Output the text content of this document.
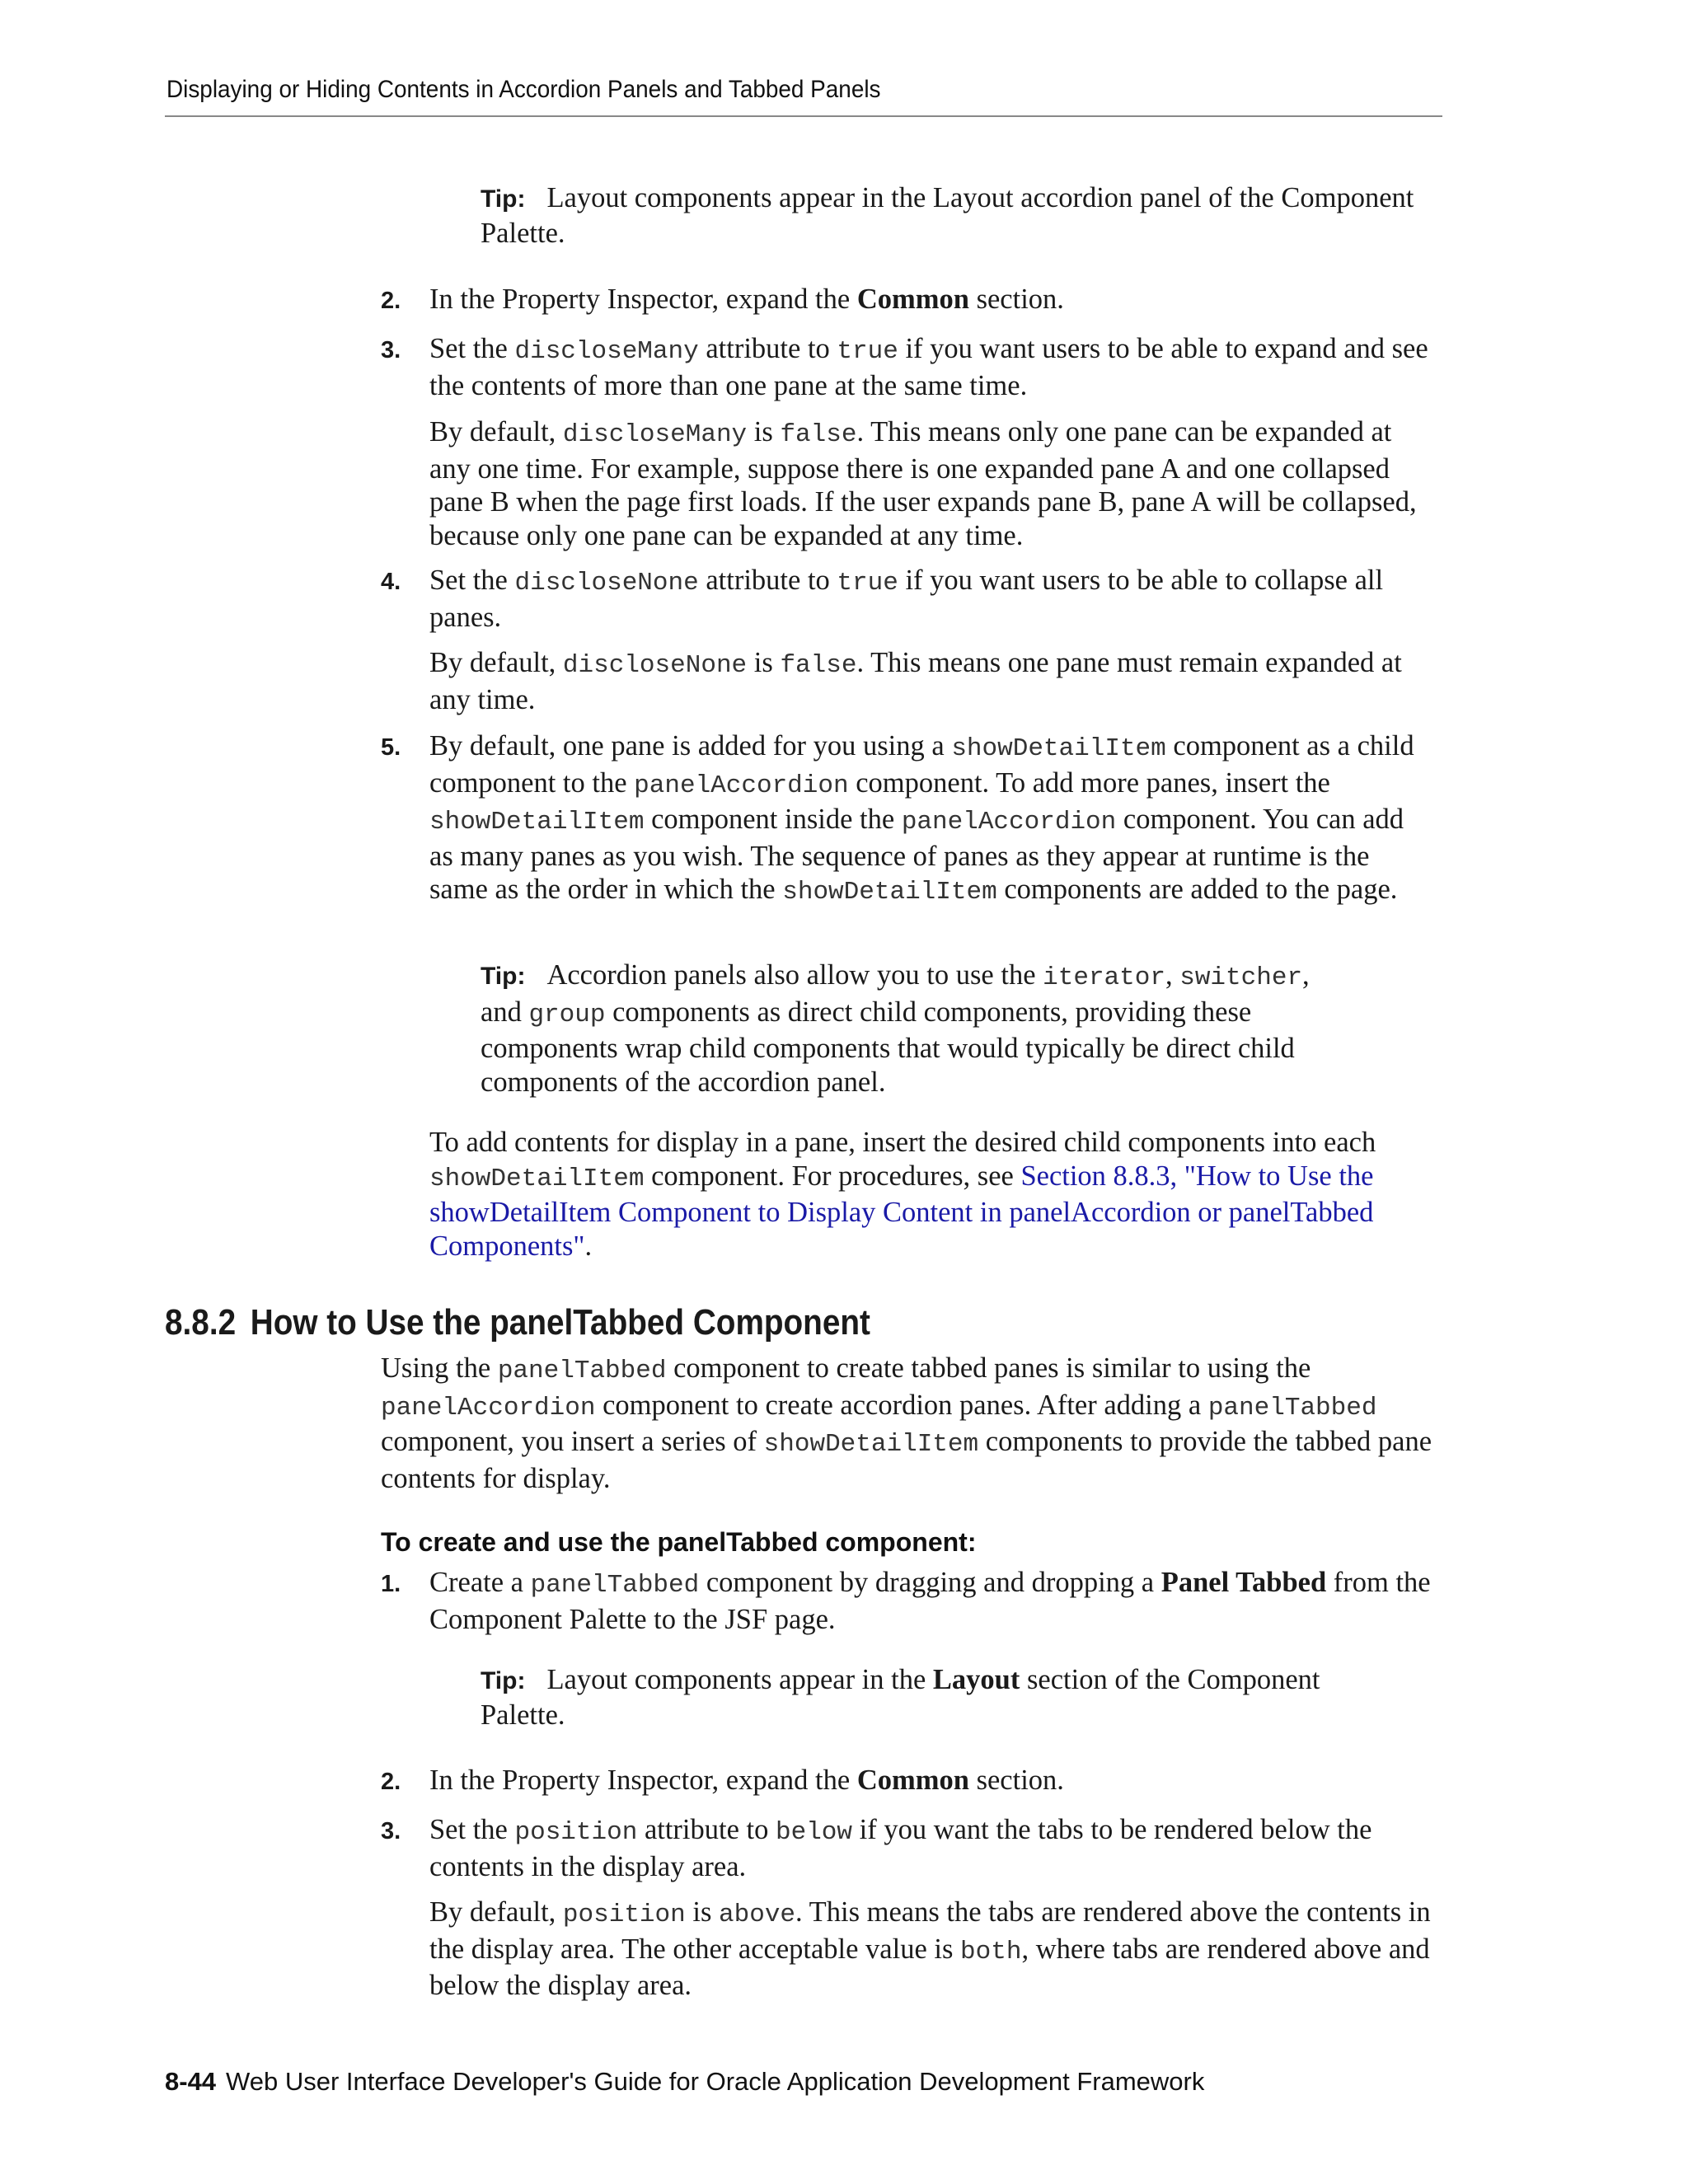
Displaying or Hiding Contents in Accordion Panels and Tabbed Panels

Tip: Layout components appear in the Layout accordion panel of the Component Palette.

2. In the Property Inspector, expand the Common section.

3. Set the discloseMany attribute to true if you want users to be able to expand and see the contents of more than one pane at the same time.

By default, discloseMany is false. This means only one pane can be expanded at any one time. For example, suppose there is one expanded pane A and one collapsed pane B when the page first loads. If the user expands pane B, pane A will be collapsed, because only one pane can be expanded at any time.

4. Set the discloseNone attribute to true if you want users to be able to collapse all panes.

By default, discloseNone is false. This means one pane must remain expanded at any time.

5. By default, one pane is added for you using a showDetailItem component as a child component to the panelAccordion component. To add more panes, insert the showDetailItem component inside the panelAccordion component. You can add as many panes as you wish. The sequence of panes as they appear at runtime is the same as the order in which the showDetailItem components are added to the page.

Tip: Accordion panels also allow you to use the iterator, switcher, and group components as direct child components, providing these components wrap child components that would typically be direct child components of the accordion panel.

To add contents for display in a pane, insert the desired child components into each showDetailItem component. For procedures, see Section 8.8.3, "How to Use the showDetailItem Component to Display Content in panelAccordion or panelTabbed Components".

8.8.2 How to Use the panelTabbed Component

Using the panelTabbed component to create tabbed panes is similar to using the panelAccordion component to create accordion panes. After adding a panelTabbed component, you insert a series of showDetailItem components to provide the tabbed pane contents for display.

To create and use the panelTabbed component:
1. Create a panelTabbed component by dragging and dropping a Panel Tabbed from the Component Palette to the JSF page.

Tip: Layout components appear in the Layout section of the Component Palette.

2. In the Property Inspector, expand the Common section.

3. Set the position attribute to below if you want the tabs to be rendered below the contents in the display area.

By default, position is above. This means the tabs are rendered above the contents in the display area. The other acceptable value is both, where tabs are rendered above and below the display area.

8-44 Web User Interface Developer's Guide for Oracle Application Development Framework
